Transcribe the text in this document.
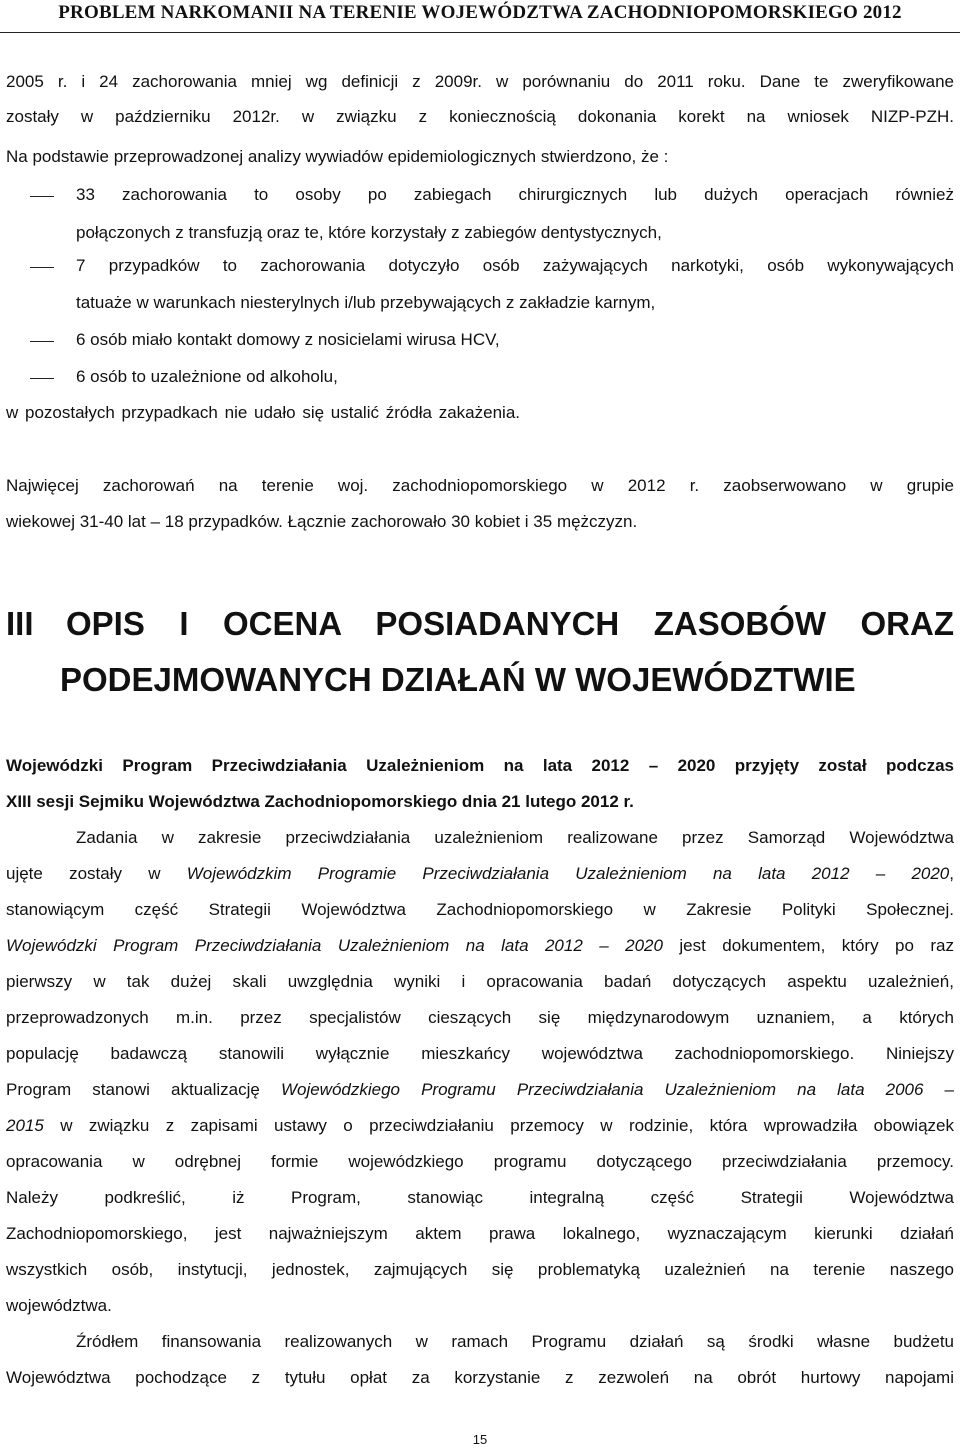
PROBLEM NARKOMANII NA TERENIE WOJEWÓDZTWA ZACHODNIOPOMORSKIEGO 2012
2005 r. i 24 zachorowania mniej wg definicji z 2009r. w porównaniu do 2011 roku. Dane te zweryfikowane
zostały w październiku 2012r. w związku z koniecznością dokonania korekt na wniosek NIZP-PZH.
Na podstawie przeprowadzonej analizy wywiadów epidemiologicznych stwierdzono, że :
33 zachorowania to osoby po zabiegach chirurgicznych lub dużych operacjach również
połączonych z transfuzją oraz te, które korzystały z zabiegów dentystycznych,
7 przypadków to zachorowania dotyczyło osób zażywających narkotyki, osób wykonywających
tatuaże w warunkach niesterylnych i/lub przebywających z zakładzie karnym,
6 osób miało kontakt domowy z nosicielami wirusa HCV,
6 osób to uzależnione od alkoholu,
w pozostałych przypadkach nie udało się ustalić źródła zakażenia.
Najwięcej zachorowań na terenie woj. zachodniopomorskiego w 2012 r. zaobserwowano w grupie
wiekowej 31-40 lat – 18 przypadków. Łącznie zachorowało 30 kobiet i 35 mężczyzn.
III OPIS I OCENA POSIADANYCH ZASOBÓW ORAZ
PODEJMOWANYCH DZIAŁAŃ W WOJEWÓDZTWIE
Wojewódzki Program Przeciwdziałania Uzależnieniom na lata 2012 – 2020 przyjęty został podczas
XIII sesji Sejmiku Województwa Zachodniopomorskiego dnia 21 lutego 2012 r.
Zadania w zakresie przeciwdziałania uzależnieniom realizowane przez Samorząd Województwa
ujęte zostały w Wojewódzkim Programie Przeciwdziałania Uzależnieniom na lata 2012 – 2020,
stanowiącym część Strategii Województwa Zachodniopomorskiego w Zakresie Polityki Społecznej.
Wojewódzki Program Przeciwdziałania Uzależnieniom na lata 2012 – 2020 jest dokumentem, który po raz
pierwszy w tak dużej skali uwzględnia wyniki i opracowania badań dotyczących aspektu uzależnień,
przeprowadzonych m.in. przez specjalistów cieszących się międzynarodowym uznaniem, a których
populację badawczą stanowili wyłącznie mieszkańcy województwa zachodniopomorskiego. Niniejszy
Program stanowi aktualizację Wojewódzkiego Programu Przeciwdziałania Uzależnieniom na lata 2006 –
2015 w związku z zapisami ustawy o przeciwdziałaniu przemocy w rodzinie, która wprowadziła obowiązek
opracowania w odrębnej formie wojewódzkiego programu dotyczącego przeciwdziałania przemocy.
Należy podkreślić, iż Program, stanowiąc integralną część Strategii Województwa
Zachodniopomorskiego, jest najważniejszym aktem prawa lokalnego, wyznaczającym kierunki działań
wszystkich osób, instytucji, jednostek, zajmujących się problematyką uzależnień na terenie naszego
województwa.
Źródłem finansowania realizowanych w ramach Programu działań są środki własne budżetu
Województwa pochodzące z tytułu opłat za korzystanie z zezwoleń na obrót hurtowy napojami
15
